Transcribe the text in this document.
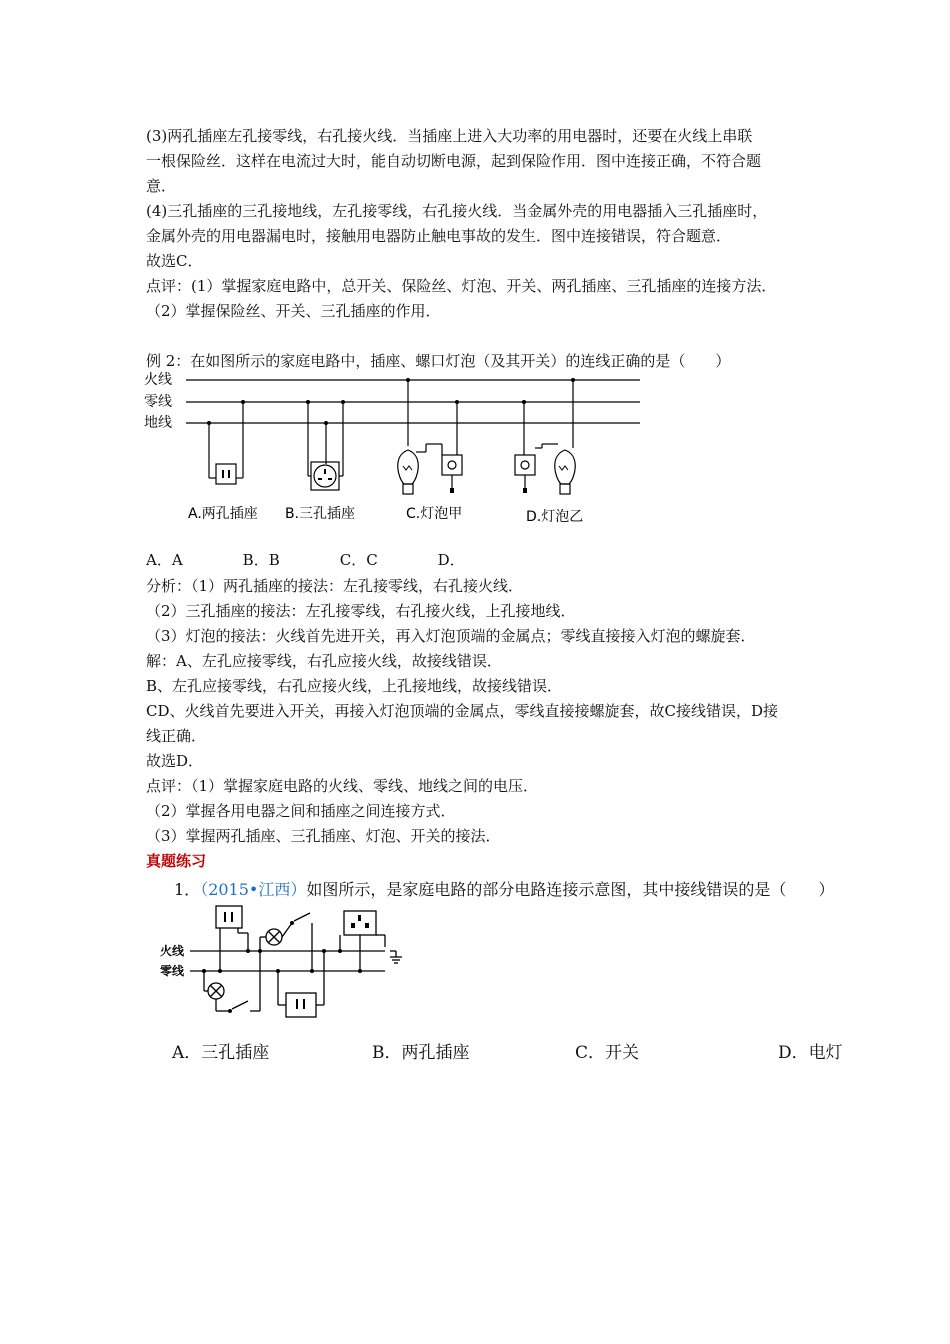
(3)两孔插座左孔接零线，右孔接火线．当插座上进入大功率的用电器时，还要在火线上串联
一根保险丝．这样在电流过大时，能自动切断电源，起到保险作用．图中连接正确，不符合题
意．
(4)三孔插座的三孔接地线，左孔接零线，右孔接火线．当金属外壳的用电器插入三孔插座时，
金属外壳的用电器漏电时，接触用电器防止触电事故的发生．图中连接错误，符合题意．
故选C．
点评：(1）掌握家庭电路中，总开关、保险丝、灯泡、开关、两孔插座、三孔插座的连接方法．
（2）掌握保险丝、开关、三孔插座的作用．
例 2：在如图所示的家庭电路中，插座、螺口灯泡（及其开关）的连线正确的是（　　）
火线
零线
地线
A.两孔插座 B.三孔插座	C.灯泡甲	D.灯泡乙
A．A　　　　B．B　　　　C．C　　　　D．
分析：（1）两孔插座的接法：左孔接零线，右孔接火线．
（2）三孔插座的接法：左孔接零线，右孔接火线，上孔接地线．
（3）灯泡的接法：火线首先进开关，再入灯泡顶端的金属点；零线直接接入灯泡的螺旋套．
解：A、左孔应接零线，右孔应接火线，故接线错误．
B、左孔应接零线，右孔应接火线，上孔接地线，故接线错误．
CD、火线首先要进入开关，再接入灯泡顶端的金属点，零线直接接螺旋套，故C接线错误，D接
线正确．
故选D．
点评：（1）掌握家庭电路的火线、零线、地线之间的电压．
（2）掌握各用电器之间和插座之间连接方式．
（3）掌握两孔插座、三孔插座、灯泡、开关的接法．
真题练习
1．（2015•江西）如图所示，是家庭电路的部分电路连接示意图，其中接线错误的是（　　）
火线
零线
A．三孔插座	B．两孔插座	C．开关	D．电灯
